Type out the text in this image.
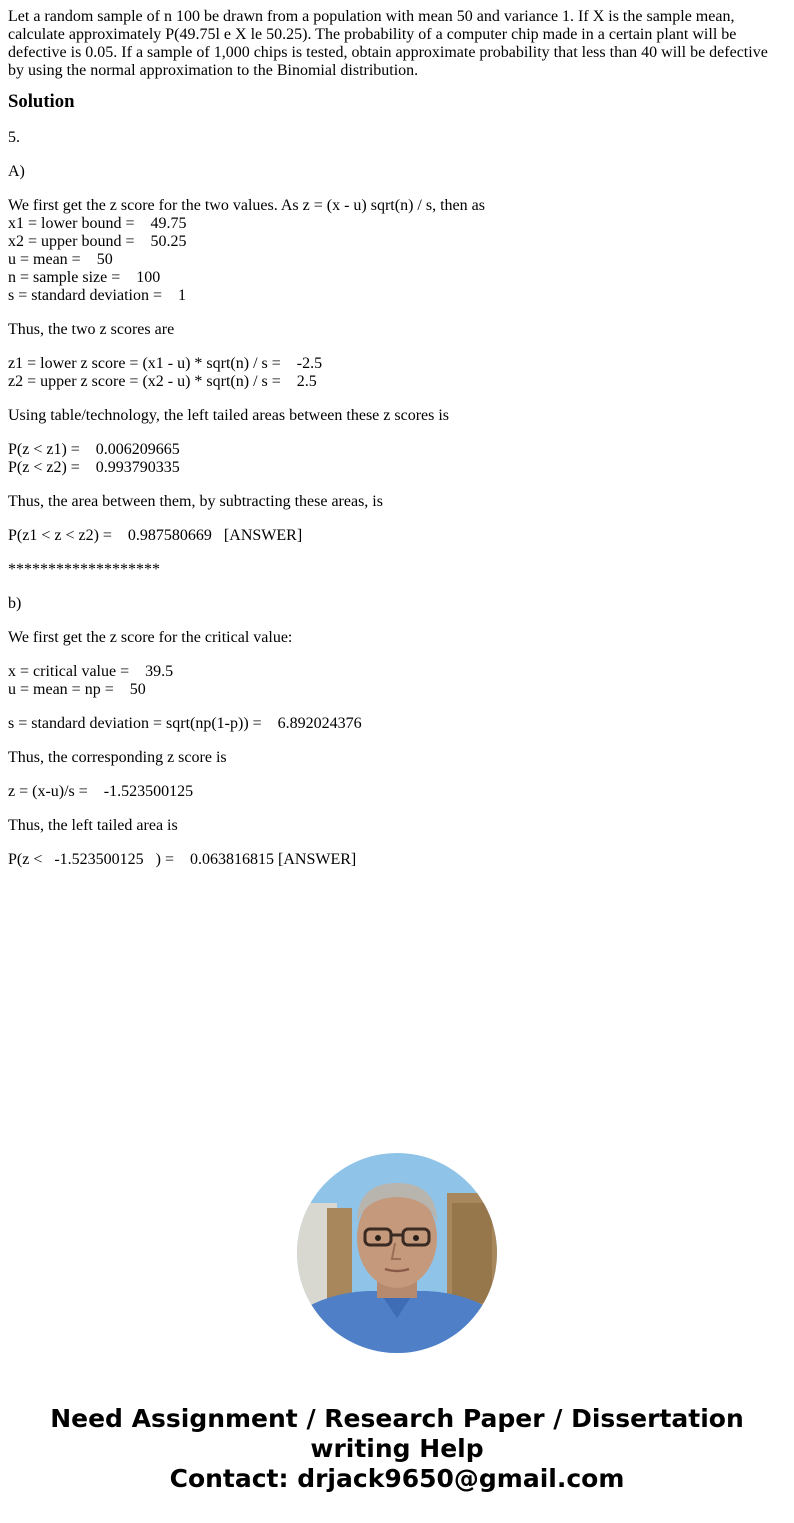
Let a random sample of n 100 be drawn from a population with mean 50 and variance 1. If X is the sample mean, calculate approximately P(49.75l e X le 50.25). The probability of a computer chip made in a certain plant will be defective is 0.05. If a sample of 1,000 chips is tested, obtain approximate probability that less than 40 will be defective by using the normal approximation to the Binomial distribution.

Solution

5.

A)

We first get the z score for the two values. As z = (x - u) sqrt(n) / s, then as
x1 = lower bound =    49.75
x2 = upper bound =    50.25
u = mean =    50
n = sample size =    100
s = standard deviation =    1

Thus, the two z scores are

z1 = lower z score = (x1 - u) * sqrt(n) / s =    -2.5
z2 = upper z score = (x2 - u) * sqrt(n) / s =    2.5

Using table/technology, the left tailed areas between these z scores is

P(z < z1) =    0.006209665
P(z < z2) =    0.993790335

Thus, the area between them, by subtracting these areas, is

P(z1 < z < z2) =    0.987580669   [ANSWER]

*******************

b)

We first get the z score for the critical value:

x = critical value =    39.5
u = mean = np =    50

s = standard deviation = sqrt(np(1-p)) =    6.892024376

Thus, the corresponding z score is

z = (x-u)/s =    -1.523500125

Thus, the left tailed area is

P(z <   -1.523500125   ) =    0.063816815 [ANSWER]

Need Assignment / Research Paper / Dissertation
writing Help
Contact: drjack9650@gmail.com
